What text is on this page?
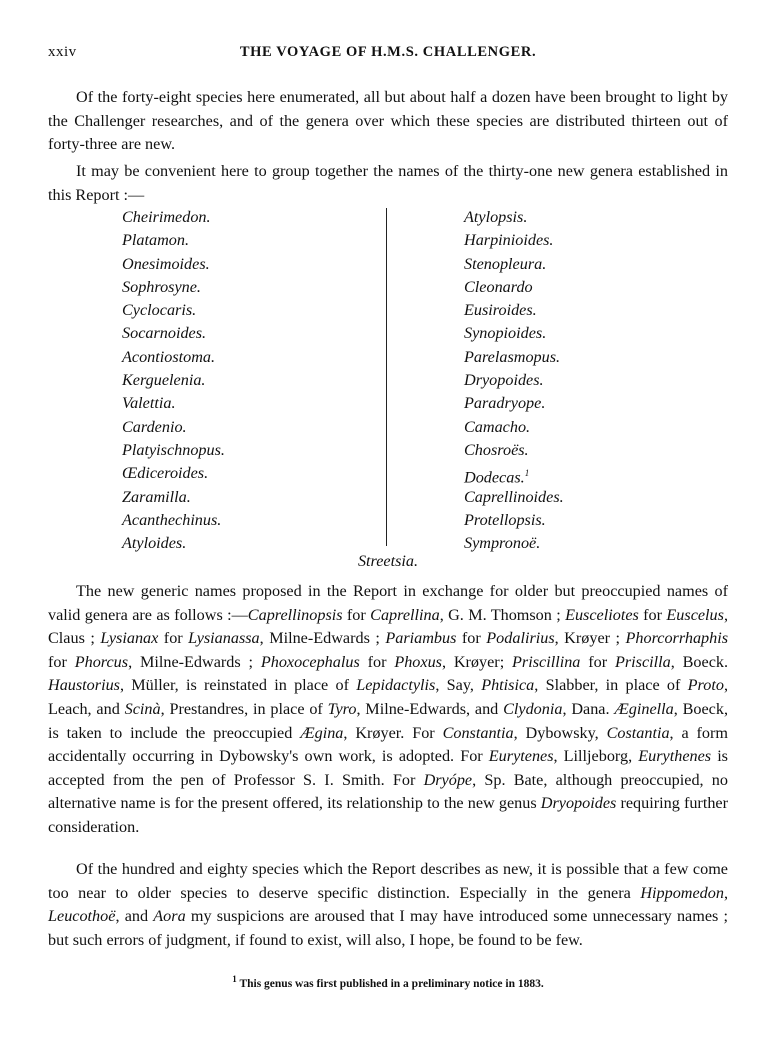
xxiv	THE VOYAGE OF H.M.S. CHALLENGER.
Of the forty-eight species here enumerated, all but about half a dozen have been brought to light by the Challenger researches, and of the genera over which these species are distributed thirteen out of forty-three are new.
It may be convenient here to group together the names of the thirty-one new genera established in this Report :—
Cheirimedon.
Platamon.
Onesimoides.
Sophrosyne.
Cyclocaris.
Socarnoides.
Acontiostoma.
Kerguelenia.
Valettia.
Cardenio.
Platyischnopus.
Œdiceroides.
Zaramilla.
Acanthechinus.
Atyloides.
Atylopsis.
Harpinioides.
Stenopleura.
Cleonardo
Eusiroides.
Synopioides.
Parelasmopus.
Dryopoides.
Paradryope.
Camacho.
Chosroës.
Dodecas.$^1$
Caprellinoides.
Protellopsis.
Sympronoë.
Streetsia.
The new generic names proposed in the Report in exchange for older but preoccupied names of valid genera are as follows :—Caprellinopsis for Caprellina, G. M. Thomson ; Eusceliotes for Euscelus, Claus ; Lysianax for Lysianassa, Milne-Edwards ; Pariambus for Podalirius, Krøyer ; Phorcorrhaphis for Phorcus, Milne-Edwards ; Phoxocephalus for Phoxus, Krøyer; Priscillina for Priscilla, Boeck. Haustorius, Müller, is reinstated in place of Lepidactylis, Say, Phtisica, Slabber, in place of Proto, Leach, and Scinà, Prestandres, in place of Tyro, Milne-Edwards, and Clydonia, Dana. Æginella, Boeck, is taken to include the preoccupied Ægina, Krøyer. For Constantia, Dybowsky, Costantia, a form accidentally occurring in Dybowsky's own work, is adopted. For Eurytenes, Lilljeborg, Eurythenes is accepted from the pen of Professor S. I. Smith. For Dryópe, Sp. Bate, although preoccupied, no alternative name is for the present offered, its relationship to the new genus Dryopoides requiring further consideration.
Of the hundred and eighty species which the Report describes as new, it is possible that a few come too near to older species to deserve specific distinction. Especially in the genera Hippomedon, Leucothoë, and Aora my suspicions are aroused that I may have introduced some unnecessary names ; but such errors of judgment, if found to exist, will also, I hope, be found to be few.
$^1$ This genus was first published in a preliminary notice in 1883.
